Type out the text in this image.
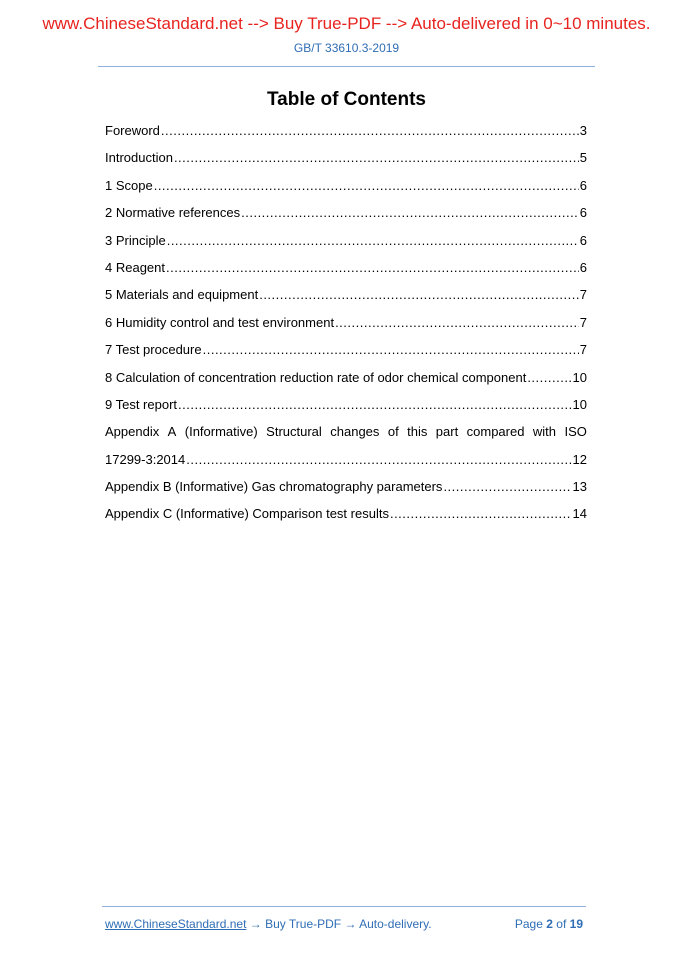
www.ChineseStandard.net --> Buy True-PDF --> Auto-delivered in 0~10 minutes.
GB/T 33610.3-2019
Table of Contents
Foreword .....	3
Introduction .....	5
1 Scope .....	6
2 Normative references .....	6
3 Principle .....	6
4 Reagent .....	6
5 Materials and equipment .....	7
6 Humidity control and test environment .....	7
7 Test procedure .....	7
8 Calculation of concentration reduction rate of odor chemical component .....	10
9 Test report .....	10
Appendix A (Informative) Structural changes of this part compared with ISO
17299-3:2014 .....	12
Appendix B (Informative) Gas chromatography parameters .....	13
Appendix C (Informative) Comparison test results .....	14
www.ChineseStandard.net → Buy True-PDF → Auto-delivery.	Page 2 of 19
